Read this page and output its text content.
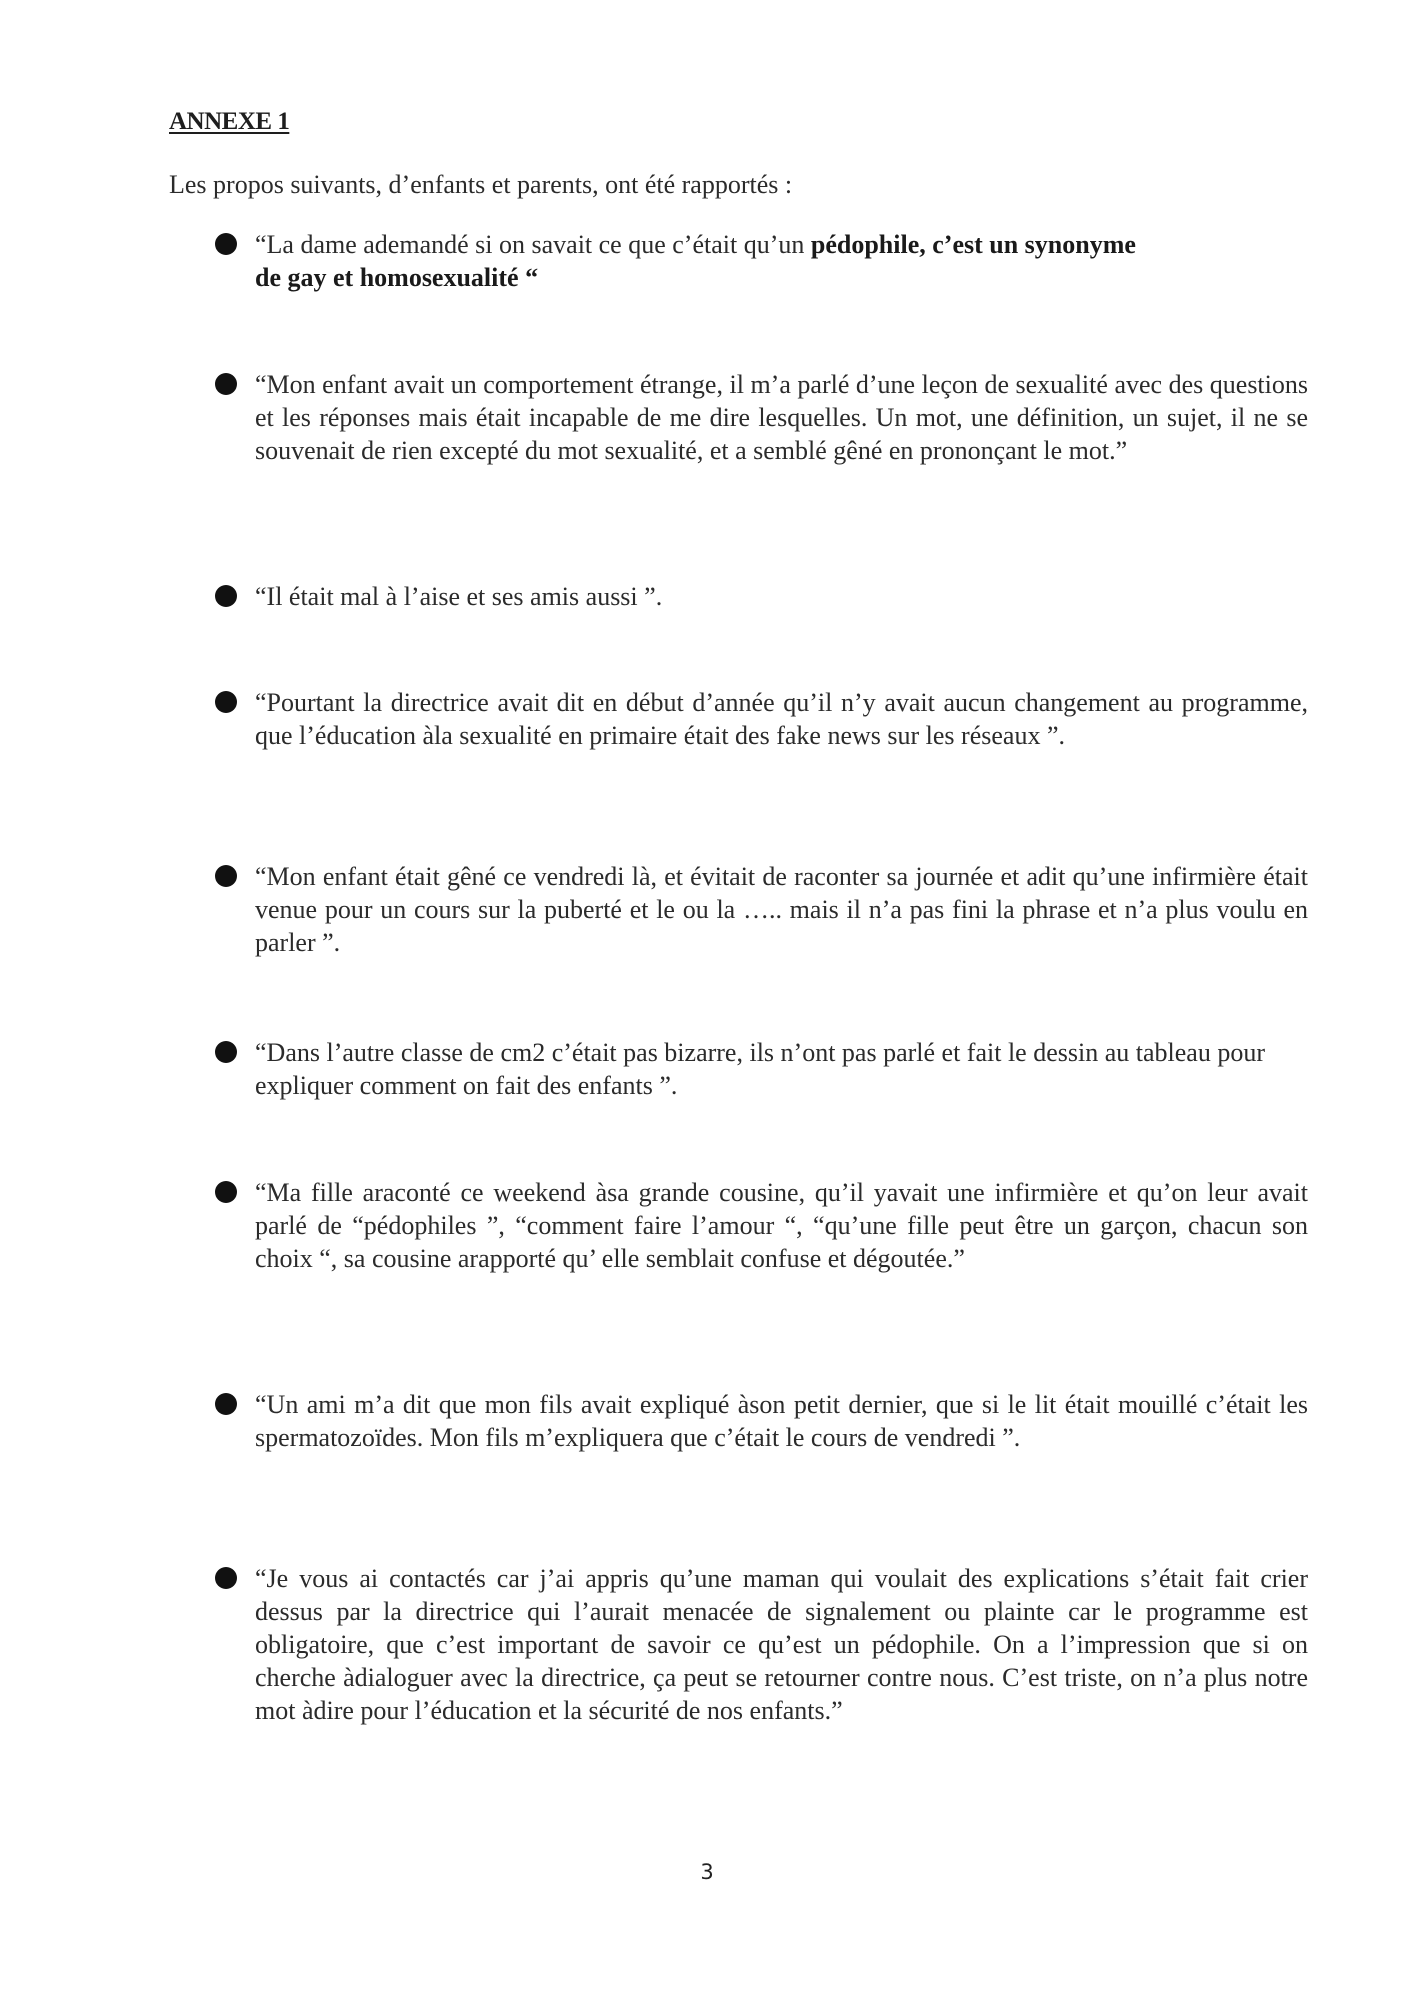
ANNEXE 1
Les propos suivants, d’enfants et parents, ont été rapportés :
“La dame ademandé si on savait ce que c’était qu’un pédophile, c’est un synonyme de gay et homosexualité “
“Mon enfant avait un comportement étrange, il m’a parlé d’une leçon de sexualité avec des questions et les réponses mais était incapable de me dire lesquelles. Un mot, une définition, un sujet, il ne se souvenait de rien excepté du mot sexualité, et a semblé gêné en prononçant le mot.”
“Il était mal à l’aise et ses amis aussi ”.
“Pourtant la directrice avait dit en début d’année qu’il n’y avait aucun changement au programme, que l’éducation àla sexualité en primaire était des fake news sur les réseaux ”.
“Mon enfant était gêné ce vendredi là, et évitait de raconter sa journée et adit qu’une infirmière était venue pour un cours sur la puberté et le ou la ….. mais il n’a pas fini la phrase et n’a plus voulu en parler ”.
“Dans l’autre classe de cm2 c’était pas bizarre, ils n’ont pas parlé et fait le dessin au tableau pour expliquer comment on fait des enfants ”.
“Ma fille araconté ce weekend àsa grande cousine, qu’il yavait une infirmière et qu’on leur avait parlé de “pédophiles ”, “comment faire l’amour “, “qu’une fille peut être un garçon, chacun son choix “, sa cousine arapporté qu’ elle semblait confuse et dégoutée.”
“Un ami m’a dit que mon fils avait expliqué àson petit dernier, que si le lit était mouillé c’était les spermatozoïdes. Mon fils m’expliquera que c’était le cours de vendredi ”.
“Je vous ai contactés car j’ai appris qu’une maman qui voulait des explications s’était fait crier dessus par la directrice qui l’aurait menacée de signalement ou plainte car le programme est obligatoire, que c’est important de savoir ce qu’est un pédophile. On a l’impression que si on cherche àdialoguer avec la directrice, ça peut se retourner contre nous. C’est triste, on n’a plus notre mot àdire pour l’éducation et la sécurité de nos enfants.”
3
